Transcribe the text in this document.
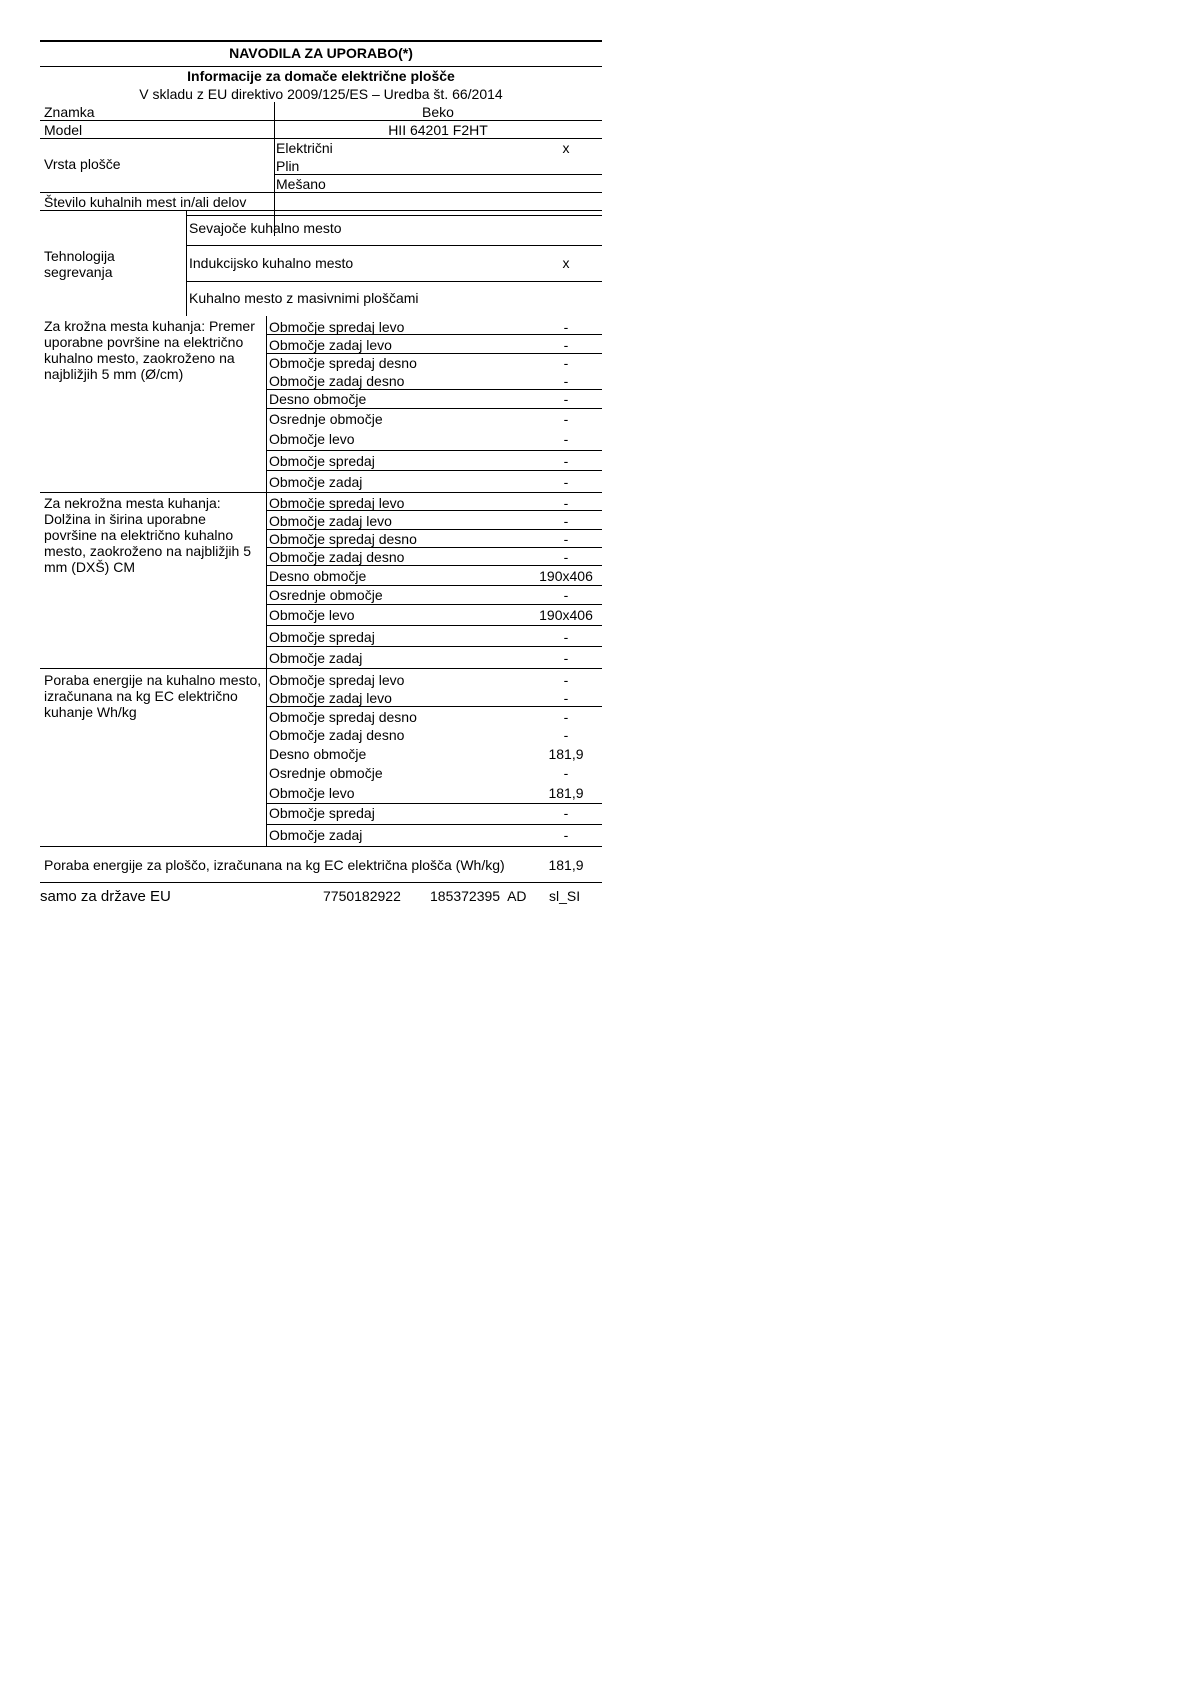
NAVODILA ZA UPORABO(*)
Informacije za domače električne plošče
V skladu z EU direktivo 2009/125/ES – Uredba št. 66/2014
Znamka	Beko
Model	HII 64201 F2HT
Vrsta plošče
Električni	x
Plin
Mešano
Število kuhalnih mest in/ali delov
Tehnologija segrevanja
Sevajoče kuhalno mesto
Indukcijsko kuhalno mesto	x
Kuhalno mesto z masivnimi ploščami
Za krožna mesta kuhanja: Premer uporabne površine na električno kuhalno mesto, zaokroženo na najbližjih 5 mm (Ø/cm)
Območje spredaj levo	-
Območje zadaj levo	-
Območje spredaj desno	-
Območje zadaj desno	-
Desno območje	-
Osrednje območje	-
Območje levo	-
Območje spredaj	-
Območje zadaj	-
Za nekrožna mesta kuhanja: Dolžina in širina uporabne površine na električno kuhalno mesto, zaokroženo na najbližjih 5 mm (DXŠ) CM
Območje spredaj levo	-
Območje zadaj levo	-
Območje spredaj desno	-
Območje zadaj desno	-
Desno območje	190x406
Osrednje območje	-
Območje levo	190x406
Območje spredaj	-
Območje zadaj	-
Poraba energije na kuhalno mesto, izračunana na kg EC električno kuhanje Wh/kg
Območje spredaj levo	-
Območje zadaj levo	-
Območje spredaj desno	-
Območje zadaj desno	-
Desno območje	181,9
Osrednje območje	-
Območje levo	181,9
Območje spredaj	-
Območje zadaj	-
Poraba energije za ploščo, izračunana na kg EC električna plošča (Wh/kg)	181,9
samo za države EU	7750182922 185372395  AD sl_SI
